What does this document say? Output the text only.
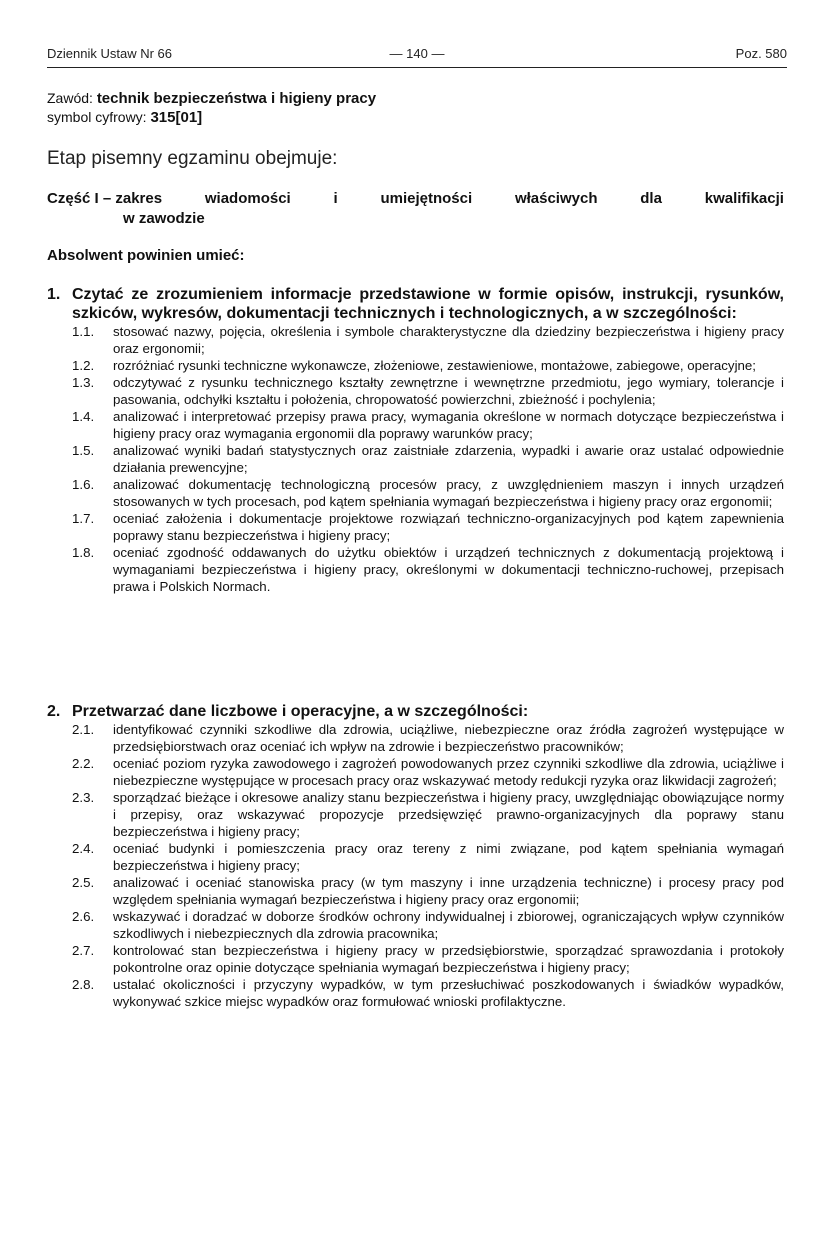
Dziennik Ustaw Nr 66	— 140 —	Poz. 580
Zawód: technik bezpieczeństwa i higieny pracy
symbol cyfrowy: 315[01]
Etap pisemny egzaminu obejmuje:
Część I – zakres	wiadomości	i	umiejętności	właściwych	dla	kwalifikacji
w zawodzie
Absolwent powinien umieć:
1. Czytać ze zrozumieniem informacje przedstawione w formie opisów, instrukcji, rysunków, szkiców, wykresów, dokumentacji technicznych i technologicznych, a w szczególności:
1.1.	stosować nazwy, pojęcia, określenia i symbole charakterystyczne dla dziedziny bezpieczeństwa i higieny pracy oraz ergonomii;
1.2.	rozróżniać rysunki techniczne wykonawcze, złożeniowe, zestawieniowe, montażowe, zabiegowe, operacyjne;
1.3.	odczytywać z rysunku technicznego kształty zewnętrzne i wewnętrzne przedmiotu, jego wymiary, tolerancje i pasowania, odchyłki kształtu i położenia, chropowatość powierzchni, zbieżność i pochylenia;
1.4.	analizować i interpretować przepisy prawa pracy, wymagania określone w normach dotyczące bezpieczeństwa i higieny pracy oraz wymagania ergonomii dla poprawy warunków pracy;
1.5.	analizować wyniki badań statystycznych oraz zaistniałe zdarzenia, wypadki i awarie oraz ustalać odpowiednie działania prewencyjne;
1.6.	analizować dokumentację technologiczną procesów pracy, z uwzględnieniem maszyn i innych urządzeń stosowanych w tych procesach, pod kątem spełniania wymagań bezpieczeństwa i higieny pracy oraz ergonomii;
1.7.	oceniać założenia i dokumentacje projektowe rozwiązań techniczno-organizacyjnych pod kątem zapewnienia poprawy stanu bezpieczeństwa i higieny pracy;
1.8.	oceniać zgodność oddawanych do użytku obiektów i urządzeń technicznych z dokumentacją projektową i wymaganiami bezpieczeństwa i higieny pracy, określonymi w dokumentacji techniczno-ruchowej, przepisach prawa i Polskich Normach.
2. Przetwarzać dane liczbowe i operacyjne, a w szczególności:
2.1.	identyfikować czynniki szkodliwe dla zdrowia, uciążliwe, niebezpieczne oraz źródła zagrożeń występujące w przedsiębiorstwach oraz oceniać ich wpływ na zdrowie i bezpieczeństwo pracowników;
2.2.	oceniać poziom ryzyka zawodowego i zagrożeń powodowanych przez czynniki szkodliwe dla zdrowia, uciążliwe i niebezpieczne występujące w procesach pracy oraz wskazywać metody redukcji ryzyka oraz likwidacji zagrożeń;
2.3.	sporządzać bieżące i okresowe analizy stanu bezpieczeństwa i higieny pracy, uwzględniając obowiązujące normy i przepisy, oraz wskazywać propozycje przedsięwzięć prawno-organizacyjnych dla poprawy stanu bezpieczeństwa i higieny pracy;
2.4.	oceniać budynki i pomieszczenia pracy oraz tereny z nimi związane, pod kątem spełniania wymagań bezpieczeństwa i higieny pracy;
2.5.	analizować i oceniać stanowiska pracy (w tym maszyny i inne urządzenia techniczne) i procesy pracy pod względem spełniania wymagań bezpieczeństwa i higieny pracy oraz ergonomii;
2.6.	wskazywać i doradzać w doborze środków ochrony indywidualnej i zbiorowej, ograniczających wpływ czynników szkodliwych i niebezpiecznych dla zdrowia pracownika;
2.7.	kontrolować stan bezpieczeństwa i higieny pracy w przedsiębiorstwie, sporządzać sprawozdania i protokoły pokontrolne oraz opinie dotyczące spełniania wymagań bezpieczeństwa i higieny pracy;
2.8.	ustalać okoliczności i przyczyny wypadków, w tym przesłuchiwać poszkodowanych i świadków wypadków, wykonywać szkice miejsc wypadków oraz formułować wnioski profilaktyczne.
